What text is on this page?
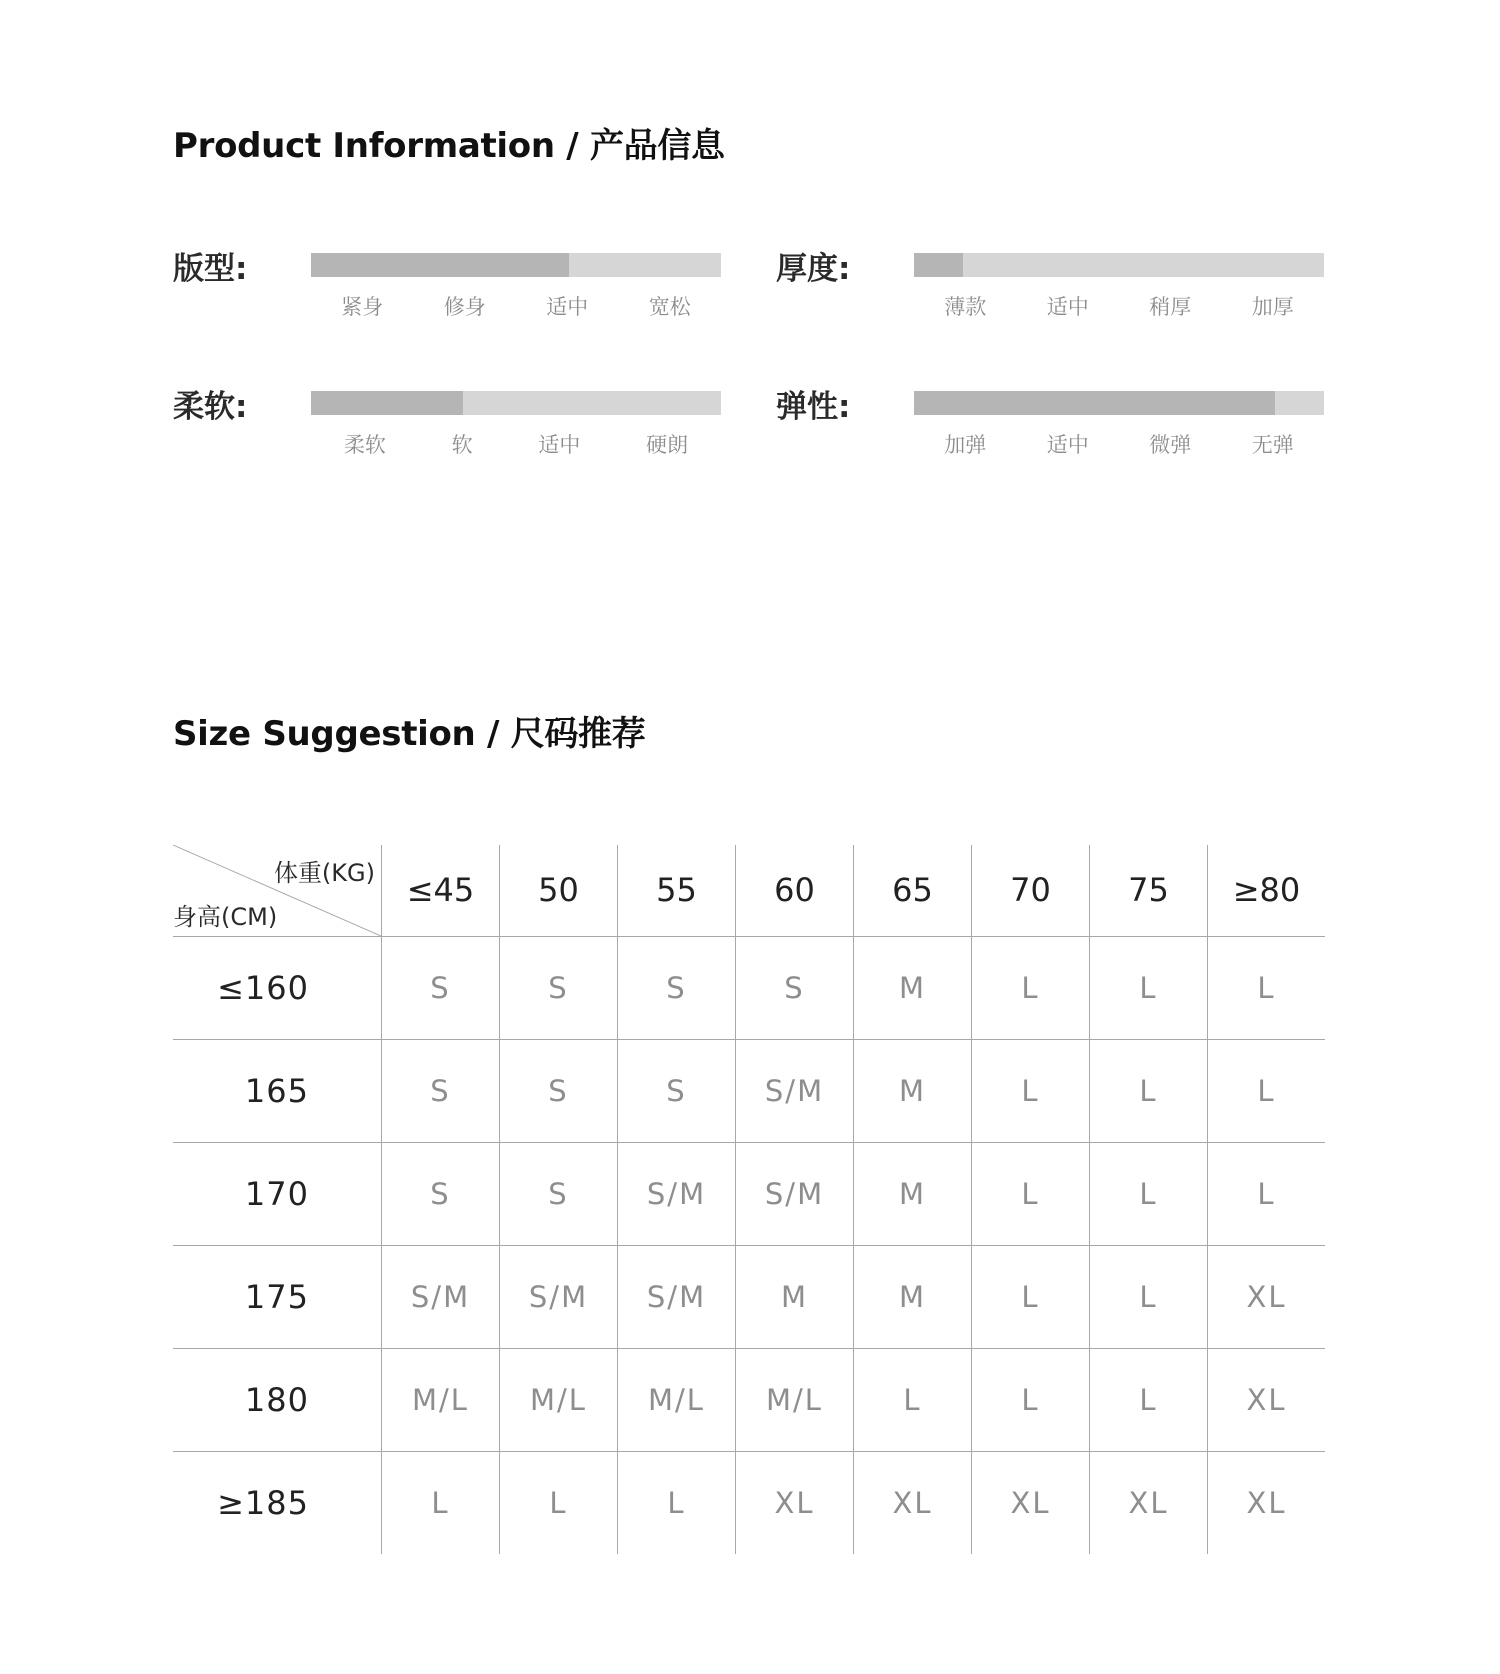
Product Information / 产品信息
版型:
紧身	修身	适中	宽松
厚度:
薄款	适中	稍厚	加厚
柔软:
柔软	软	适中	硬朗
弹性:
加弹	适中	微弹	无弹
Size Suggestion / 尺码推荐
体重(KG)
身高(CM)	≤45	50	55	60	65	70	75	≥80
≤160	S	S	S	S	M	L	L	L
165	S	S	S	S/M	M	L	L	L
170	S	S	S/M	S/M	M	L	L	L
175	S/M	S/M	S/M	M	M	L	L	XL
180	M/L	M/L	M/L	M/L	L	L	L	XL
≥185	L	L	L	XL	XL	XL	XL	XL
